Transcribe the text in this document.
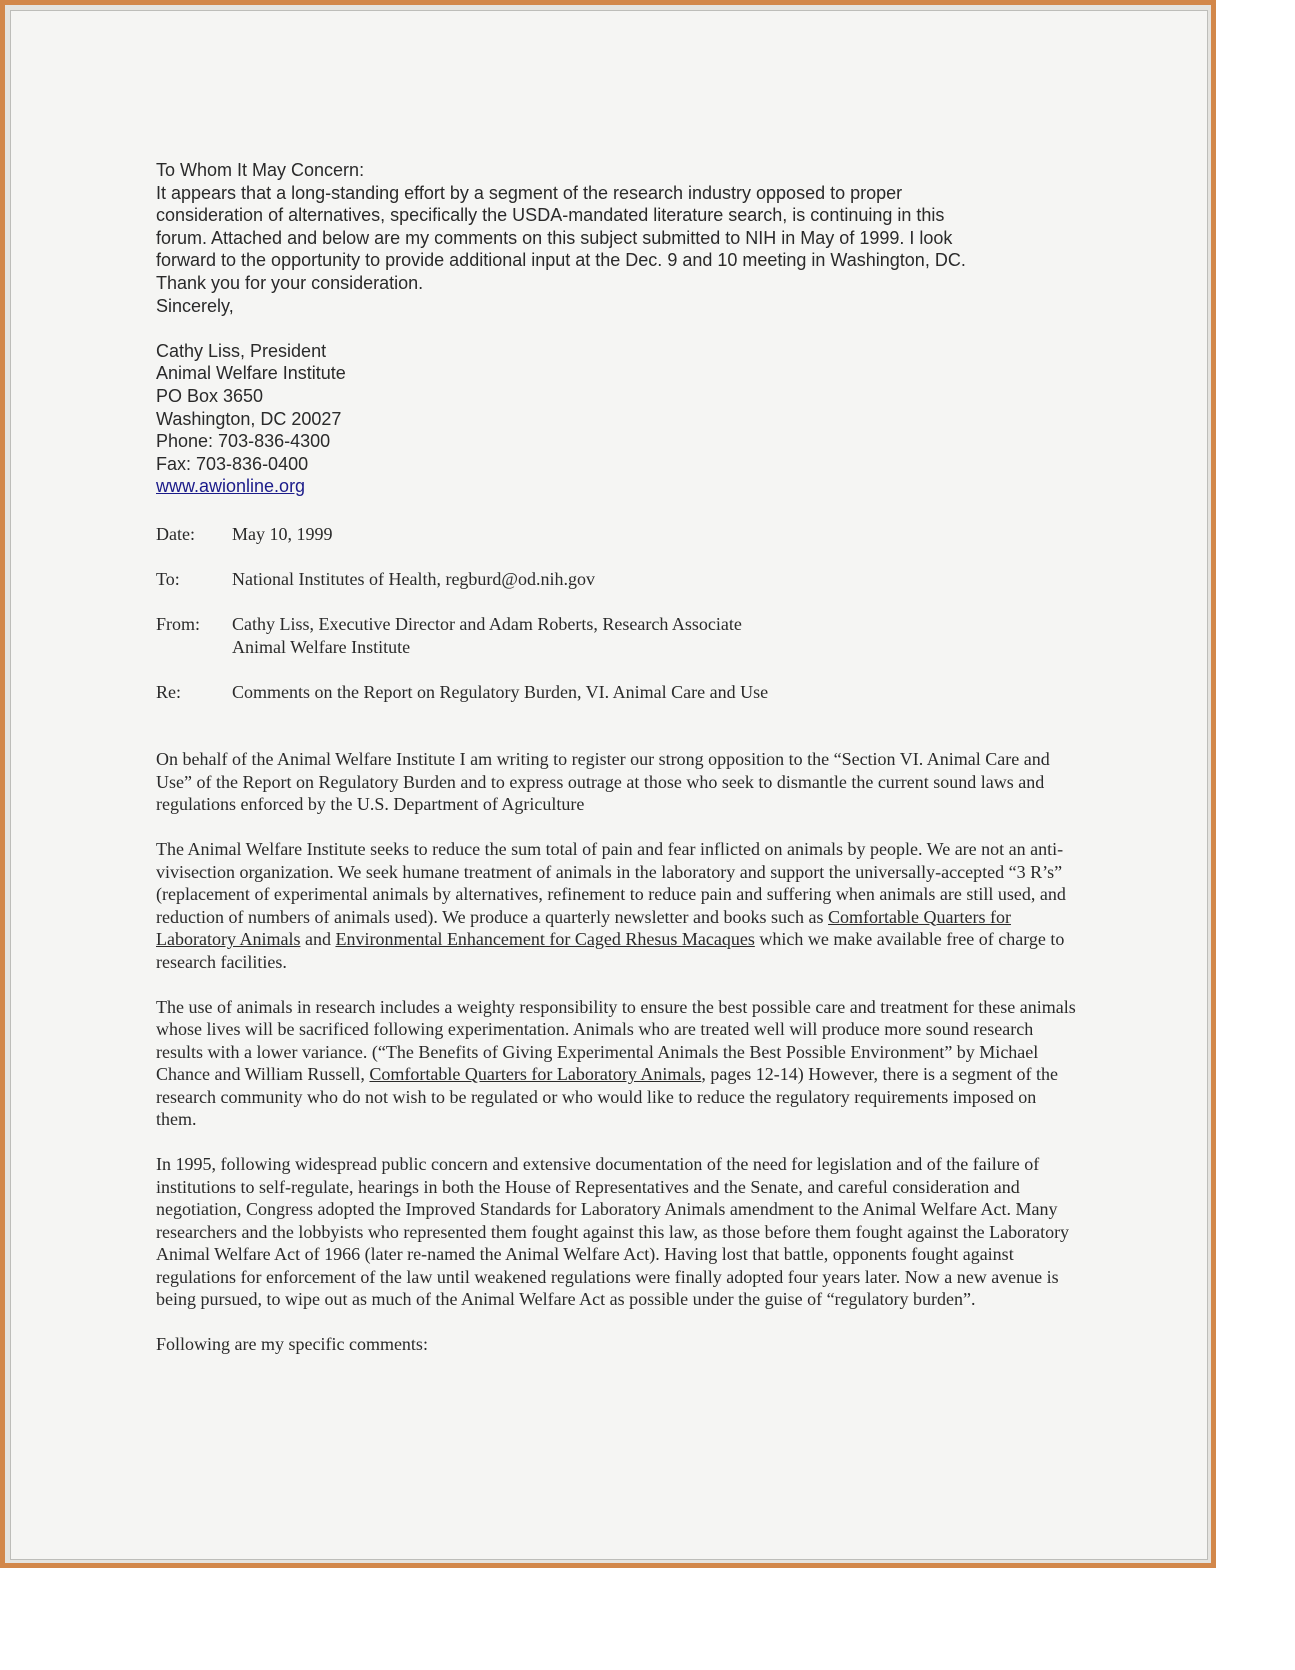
To Whom It May Concern:

It appears that a long-standing effort by a segment of the research industry opposed to proper

consideration of alternatives, specifically the USDA-mandated literature search, is continuing in this

forum. Attached and below are my comments on this subject submitted to NIH in May of 1999. I look

forward to the opportunity to provide additional input at the Dec. 9 and 10 meeting in Washington, DC.

Thank you for your consideration.

Sincerely,

Cathy Liss, President

Animal Welfare Institute

PO Box 3650

Washington, DC 20027

Phone: 703-836-4300

Fax: 703-836-0400

www.awionline.org

Date:	May 10, 1999
To:	National Institutes of Health, regburd@od.nih.gov
From:	Cathy Liss, Executive Director and Adam Roberts, Research Associate
Animal Welfare Institute
Re:	Comments on the Report on Regulatory Burden, VI. Animal Care and Use

On behalf of the Animal Welfare Institute I am writing to register our strong opposition to the “Section VI. Animal Care and Use” of the Report on Regulatory Burden and to express outrage at those who seek to dismantle the current sound laws and regulations enforced by the U.S. Department of Agriculture

The Animal Welfare Institute seeks to reduce the sum total of pain and fear inflicted on animals by people. We are not an anti-vivisection organization. We seek humane treatment of animals in the laboratory and support the universally-accepted “3 R’s” (replacement of experimental animals by alternatives, refinement to reduce pain and suffering when animals are still used, and reduction of numbers of animals used). We produce a quarterly newsletter and books such as Comfortable Quarters for Laboratory Animals and Environmental Enhancement for Caged Rhesus Macaques which we make available free of charge to research facilities.

The use of animals in research includes a weighty responsibility to ensure the best possible care and treatment for these animals whose lives will be sacrificed following experimentation. Animals who are treated well will produce more sound research results with a lower variance. (“The Benefits of Giving Experimental Animals the Best Possible Environment” by Michael Chance and William Russell, Comfortable Quarters for Laboratory Animals, pages 12-14) However, there is a segment of the research community who do not wish to be regulated or who would like to reduce the regulatory requirements imposed on them.

In 1995, following widespread public concern and extensive documentation of the need for legislation and of the failure of institutions to self-regulate, hearings in both the House of Representatives and the Senate, and careful consideration and negotiation, Congress adopted the Improved Standards for Laboratory Animals amendment to the Animal Welfare Act. Many researchers and the lobbyists who represented them fought against this law, as those before them fought against the Laboratory Animal Welfare Act of 1966 (later re-named the Animal Welfare Act). Having lost that battle, opponents fought against regulations for enforcement of the law until weakened regulations were finally adopted four years later. Now a new avenue is being pursued, to wipe out as much of the Animal Welfare Act as possible under the guise of “regulatory burden”.

Following are my specific comments:
